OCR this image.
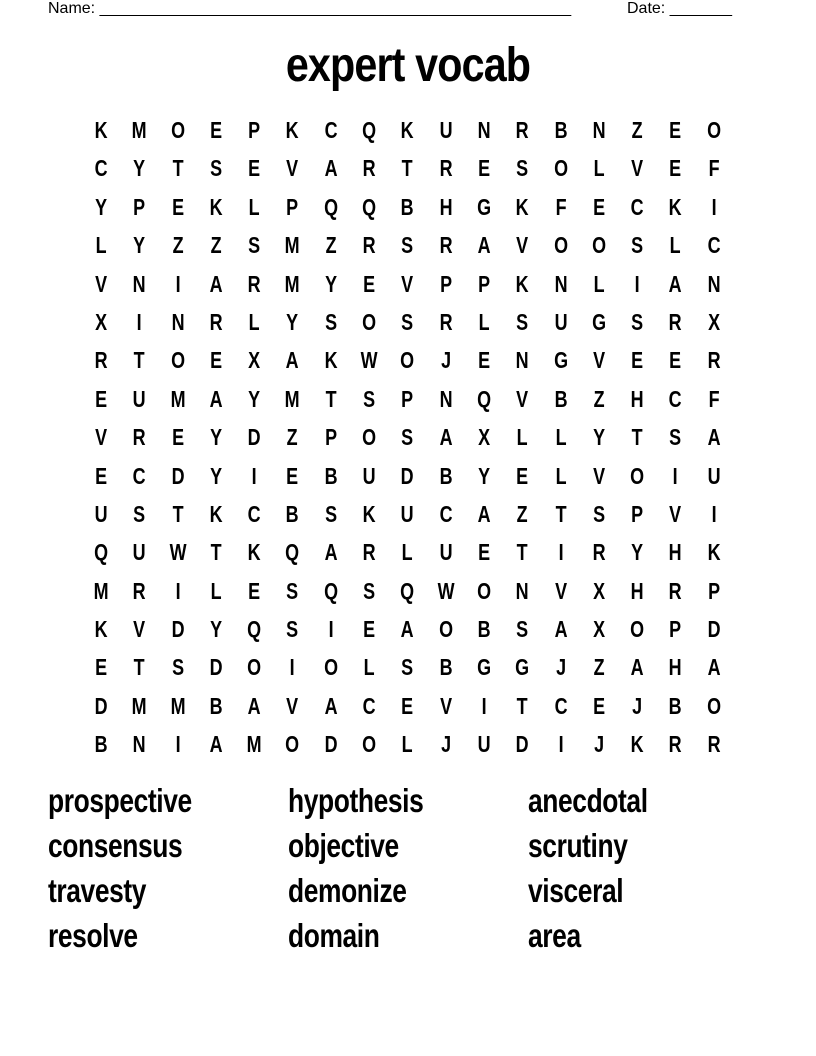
Name: _____________________________________________________	Date: _______
expert vocab
K	M	O	E	P	K	C	Q	K	U	N	R	B	N	Z	E	O
C	Y	T	S	E	V	A	R	T	R	E	S	O	L	V	E	F
Y	P	E	K	L	P	Q	Q	B	H	G	K	F	E	C	K	I
L	Y	Z	Z	S	M	Z	R	S	R	A	V	O	O	S	L	C
V	N	I	A	R	M	Y	E	V	P	P	K	N	L	I	A	N
X	I	N	R	L	Y	S	O	S	R	L	S	U	G	S	R	X
R	T	O	E	X	A	K	W O	J	E	N	G	V	E	E	R
E	U	M	A	Y	M	T	S	P	N	Q	V	B	Z	H	C	F
V	R	E	Y	D	Z	P	O	S	A	X	L	L	Y	T	S	A
E	C	D	Y	I	E	B	U	D	B	Y	E	L	V	O	I	U
U	S	T	K	C	B	S	K	U	C	A	Z	T	S	P	V	I
Q	U	W	T	K	Q	A	R	L	U	E	T	I	R	Y	H	K
M	R	I	L	E	S	Q	S	Q W O	N	V	X	H	R	P
K	V	D	Y	Q	S	I	E	A	O	B	S	A	X	O	P	D
E	T	S	D	O	I	O	L	S	B	G	G	J	Z	A	H	A
D	M	M	B	A	V	A	C	E	V	I	T	C	E	J	B	O
B	N	I	A	M	O	D	O	L	J	U	D	I	J	K	R	R
prospective	hypothesis	anecdotal
consensus	objective	scrutiny
travesty	demonize	visceral
resolve	domain	area
